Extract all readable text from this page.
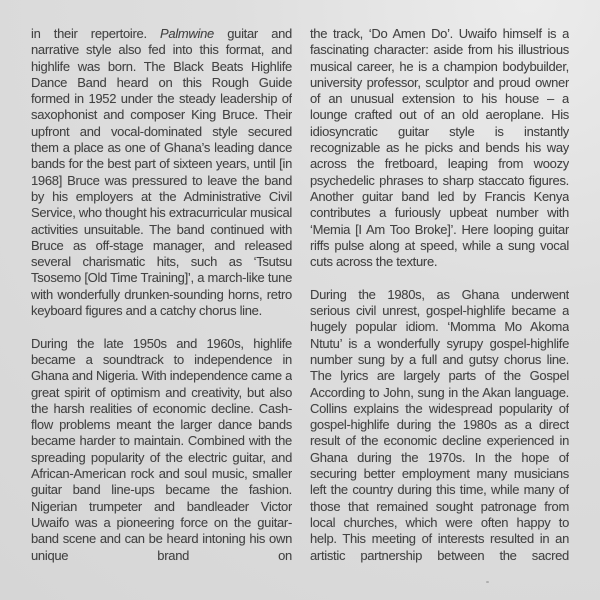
in their repertoire. Palmwine guitar and narrative style also fed into this format, and highlife was born. The Black Beats Highlife Dance Band heard on this Rough Guide formed in 1952 under the steady leadership of saxophonist and composer King Bruce. Their upfront and vocal-dominated style secured them a place as one of Ghana’s leading dance bands for the best part of sixteen years, until [in 1968] Bruce was pressured to leave the band by his employers at the Administrative Civil Service, who thought his extracurricular musical activities unsuitable. The band continued with Bruce as off-stage manager, and released several charismatic hits, such as ‘Tsutsu Tsosemo [Old Time Training]’, a march-like tune with wonderfully drunken-sounding horns, retro keyboard figures and a catchy chorus line.

During the late 1950s and 1960s, highlife became a soundtrack to independence in Ghana and Nigeria. With independence came a great spirit of optimism and creativity, but also the harsh realities of economic decline. Cash-flow problems meant the larger dance bands became harder to maintain. Combined with the spreading popularity of the electric guitar, and African-American rock and soul music, smaller guitar band line-ups became the fashion. Nigerian trumpeter and bandleader Victor Uwaifo was a pioneering force on the guitar-band scene and can be heard intoning his own unique brand on

the track, ‘Do Amen Do’. Uwaifo himself is a fascinating character: aside from his illustrious musical career, he is a champion bodybuilder, university professor, sculptor and proud owner of an unusual extension to his house – a lounge crafted out of an old aeroplane. His idiosyncratic guitar style is instantly recognizable as he picks and bends his way across the fretboard, leaping from woozy psychedelic phrases to sharp staccato figures. Another guitar band led by Francis Kenya contributes a furiously upbeat number with ‘Memia [I Am Too Broke]’. Here looping guitar riffs pulse along at speed, while a sung vocal cuts across the texture.

During the 1980s, as Ghana underwent serious civil unrest, gospel-highlife became a hugely popular idiom. ‘Momma Mo Akoma Ntutu’ is a wonderfully syrupy gospel-highlife number sung by a full and gutsy chorus line. The lyrics are largely parts of the Gospel According to John, sung in the Akan language. Collins explains the widespread popularity of gospel-highlife during the 1980s as a direct result of the economic decline experienced in Ghana during the 1970s. In the hope of securing better employment many musicians left the country during this time, while many of those that remained sought patronage from local churches, which were often happy to help. This meeting of interests resulted in an artistic partnership between the sacred
